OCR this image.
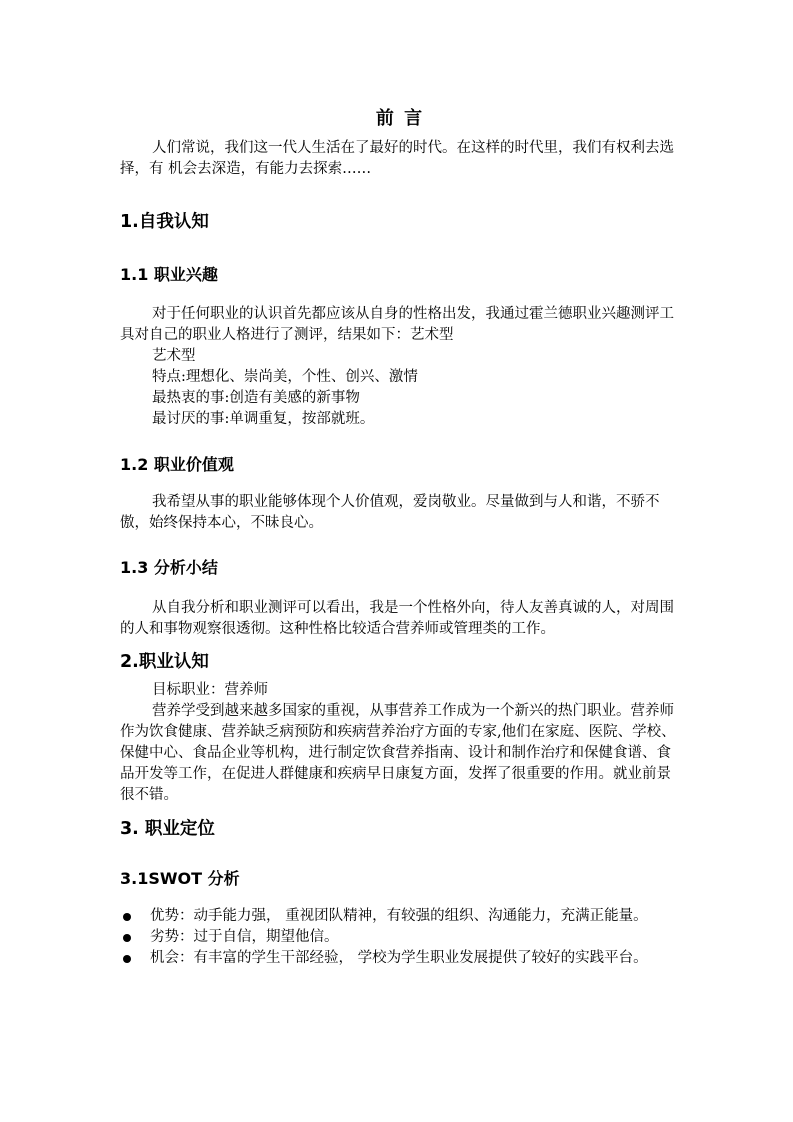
前 言

人们常说，我们这一代人生活在了最好的时代。在这样的时代里，我们有权利去选择，有 机会去深造，有能力去探索……

1.自我认知
1.1 职业兴趣

对于任何职业的认识首先都应该从自身的性格出发，我通过霍兰德职业兴趣测评工具对自己的职业人格进行了测评，结果如下：艺术型

艺术型
特点:理想化、崇尚美，个性、创兴、激情
最热衷的事:创造有美感的新事物
最讨厌的事:单调重复，按部就班。
1.2 职业价值观

我希望从事的职业能够体现个人价值观，爱岗敬业。尽量做到与人和谐，不骄不傲，始终保持本心，不昧良心。

1.3 分析小结

从自我分析和职业测评可以看出，我是一个性格外向，待人友善真诚的人，对周围的人和事物观察很透彻。这种性格比较适合营养师或管理类的工作。

2.职业认知
目标职业：营养师

营养学受到越来越多国家的重视，从事营养工作成为一个新兴的热门职业。营养师作为饮食健康、营养缺乏病预防和疾病营养治疗方面的专家,他们在家庭、医院、学校、保健中心、食品企业等机构，进行制定饮食营养指南、设计和制作治疗和保健食谱、食品开发等工作，在促进人群健康和疾病早日康复方面，发挥了很重要的作用。就业前景很不错。

3. 职业定位
3.1SWOT 分析
优势：动手能力强， 重视团队精神，有较强的组织、沟通能力，充满正能量。
劣势：过于自信，期望他信。
机会：有丰富的学生干部经验， 学校为学生职业发展提供了较好的实践平台。
